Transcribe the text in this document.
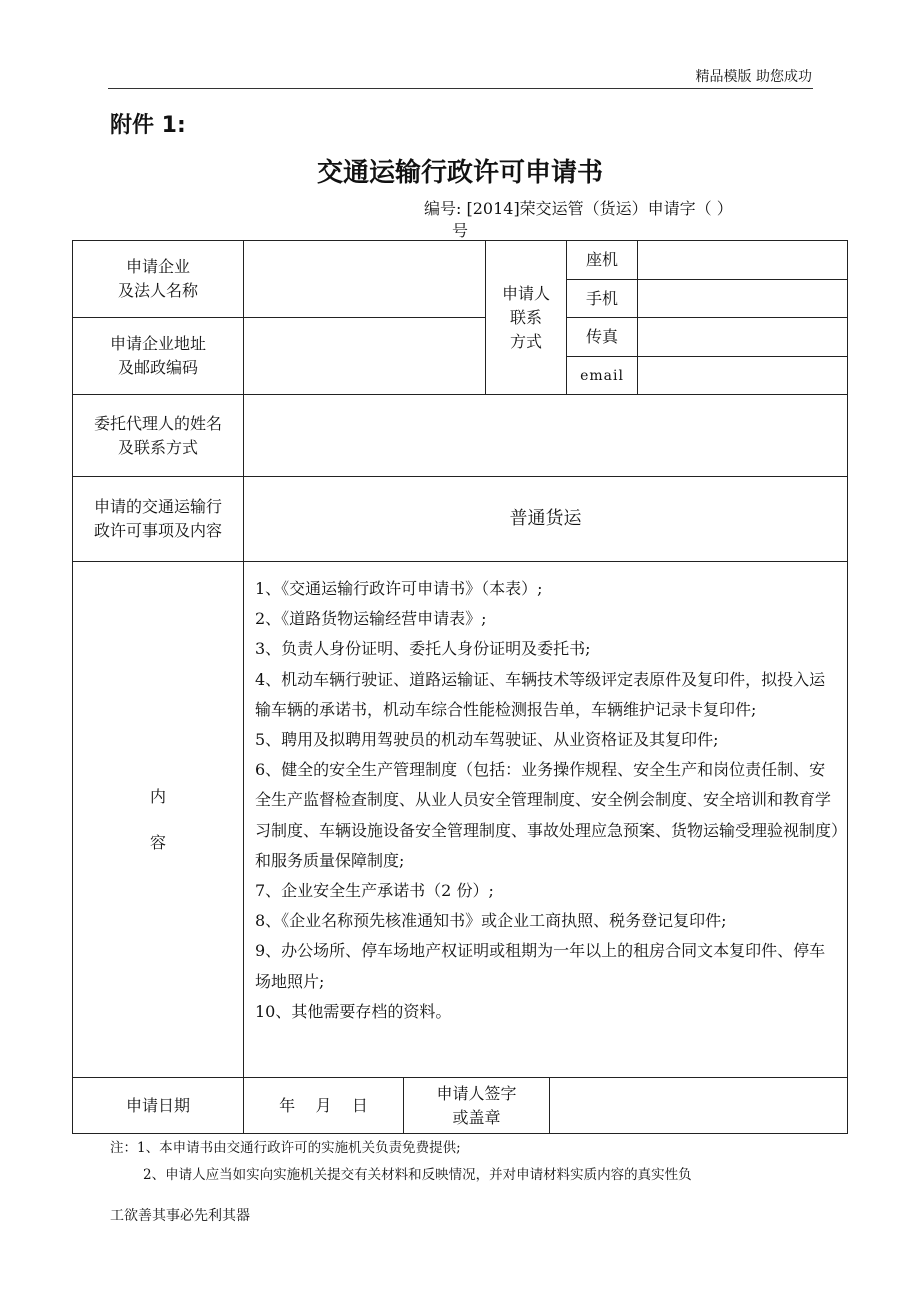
精品模版 助您成功
附件 1:
交通运输行政许可申请书
编号: [2014]荣交运管（货运）申请字（ ）
号
申请企业
及法人名称
申请企业地址
及邮政编码
申请人
联系
方式
座机
手机
传真
email
委托代理人的姓名
及联系方式
申请的交通运输行
政许可事项及内容
普通货运
内
容
1、《交通运输行政许可申请书》（本表）;
2、《道路货物运输经营申请表》;
3、负责人身份证明、委托人身份证明及委托书;
4、机动车辆行驶证、道路运输证、车辆技术等级评定表原件及复印件，拟投入运输车辆的承诺书，机动车综合性能检测报告单，车辆维护记录卡复印件;
5、聘用及拟聘用驾驶员的机动车驾驶证、从业资格证及其复印件;
6、健全的安全生产管理制度（包括：业务操作规程、安全生产和岗位责任制、安全生产监督检查制度、从业人员安全管理制度、安全例会制度、安全培训和教育学习制度、车辆设施设备安全管理制度、事故处理应急预案、货物运输受理验视制度）和服务质量保障制度;
7、企业安全生产承诺书（2 份）;
8、《企业名称预先核准通知书》或企业工商执照、税务登记复印件;
9、办公场所、停车场地产权证明或租期为一年以上的租房合同文本复印件、停车场地照片;
10、其他需要存档的资料。
申请日期	年    月    日
申请人签字
或盖章
注：1、本申请书由交通行政许可的实施机关负责免费提供;
2、申请人应当如实向实施机关提交有关材料和反映情况，并对申请材料实质内容的真实性负
工欲善其事必先利其器
